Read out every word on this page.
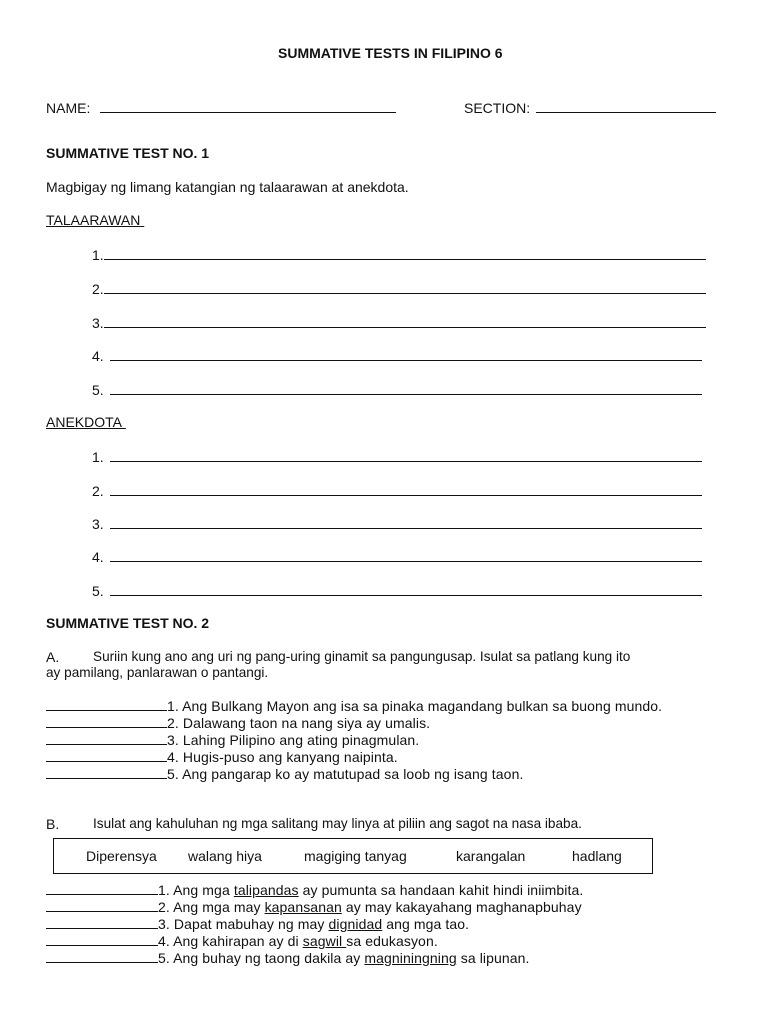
SUMMATIVE TESTS IN FILIPINO 6
NAME:	SECTION:
SUMMATIVE TEST NO. 1
Magbigay ng limang katangian ng talaarawan at anekdota.
TALAARAWAN
1.
2.
3.
4.
5.
ANEKDOTA
1.
2.
3.
4.
5.
SUMMATIVE TEST NO. 2
A. Suriin kung ano ang uri ng pang-uring ginamit sa pangungusap. Isulat sa patlang kung ito
ay pamilang, panlarawan o pantangi.
1. Ang Bulkang Mayon ang isa sa pinaka magandang bulkan sa buong mundo.
2. Dalawang taon na nang siya ay umalis.
3. Lahing Pilipino ang ating pinagmulan.
4. Hugis-puso ang kanyang naipinta.
5. Ang pangarap ko ay matutupad sa loob ng isang taon.
B. Isulat ang kahuluhan ng mga salitang may linya at piliin ang sagot na nasa ibaba.
Diperensya walang hiya	magiging tanyag	karangalan	hadlang
1. Ang mga talipandas ay pumunta sa handaan kahit hindi iniimbita.
2. Ang mga may kapansanan ay may kakayahang maghanapbuhay
3. Dapat mabuhay ng may dignidad ang mga tao.
4. Ang kahirapan ay di sagwil sa edukasyon.
5. Ang buhay ng taong dakila ay magniningning sa lipunan.
